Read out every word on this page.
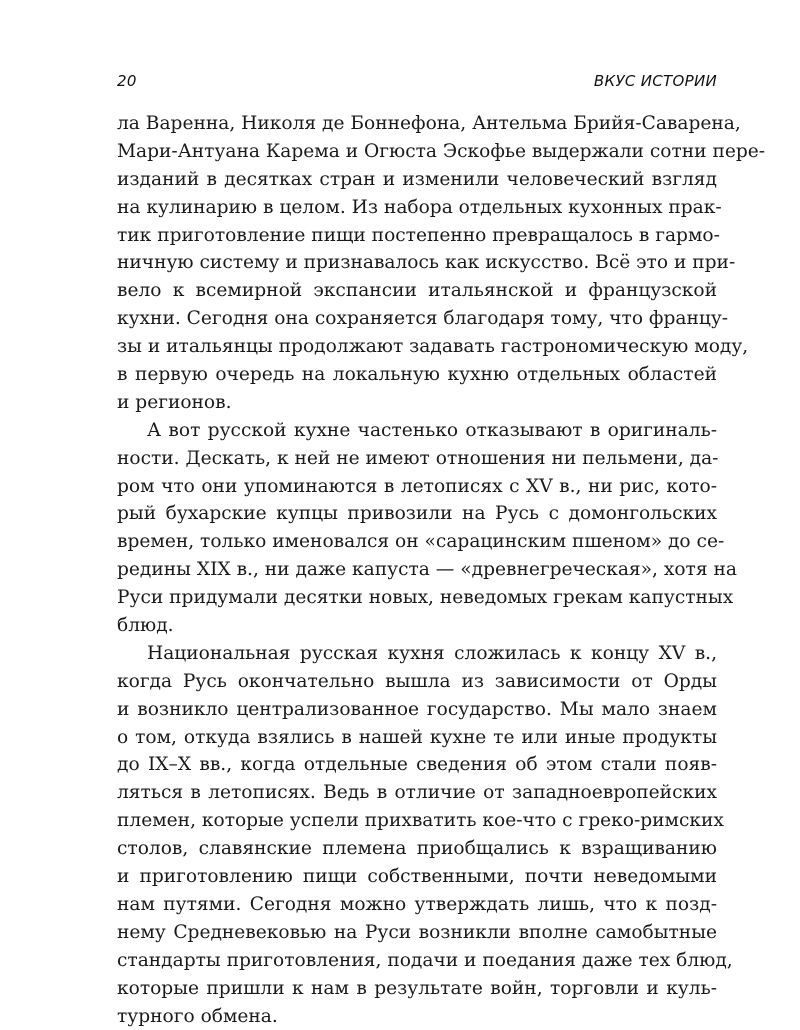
20	ВКУС ИСТОРИИ
ла Варенна, Николя де Боннефона, Антельма Брийя-Саварена,
Мари-Антуана Карема и Огюста Эскофье выдержали сотни пере-
изданий в десятках стран и изменили человеческий взгляд
на кулинарию в целом. Из набора отдельных кухонных прак-
тик приготовление пищи постепенно превращалось в гармо-
ничную систему и признавалось как искусство. Всё это и при-
вело к всемирной экспансии итальянской и французской
кухни. Сегодня она сохраняется благодаря тому, что францу-
зы и итальянцы продолжают задавать гастрономическую моду,
в первую очередь на локальную кухню отдельных областей
и регионов.
А вот русской кухне частенько отказывают в оригиналь-
ности. Дескать, к ней не имеют отношения ни пельмени, да-
ром что они упоминаются в летописях с XV в., ни рис, кото-
рый бухарские купцы привозили на Русь с домонгольских
времен, только именовался он «сарацинским пшеном» до се-
редины XIX в., ни даже капуста — «древнегреческая», хотя на
Руси придумали десятки новых, неведомых грекам капустных
блюд.
Национальная русская кухня сложилась к концу XV в.,
когда Русь окончательно вышла из зависимости от Орды
и возникло централизованное государство. Мы мало знаем
о том, откуда взялись в нашей кухне те или иные продукты
до IX–X вв., когда отдельные сведения об этом стали появ-
ляться в летописях. Ведь в отличие от западноевропейских
племен, которые успели прихватить кое-что с греко-римских
столов, славянские племена приобщались к взращиванию
и приготовлению пищи собственными, почти неведомыми
нам путями. Сегодня можно утверждать лишь, что к позд-
нему Средневековью на Руси возникли вполне самобытные
стандарты приготовления, подачи и поедания даже тех блюд,
которые пришли к нам в результате войн, торговли и куль-
турного обмена.
